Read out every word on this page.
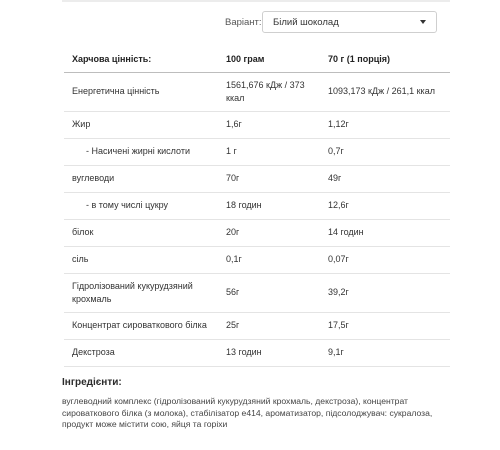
Варіант: Білий шоколад
Харчова цінність:	100 грам	70 г (1 порція)
Енергетична цінність	1561,676 кДж / 373 ккал	1093,173 кДж / 261,1 ккал
Жир	1,6г	1,12г
- Насичені жирні кислоти	1 г	0,7г
вуглеводи	70г	49г
- в тому числі цукру	18 годин	12,6г
білок	20г	14 годин
сіль	0,1г	0,07г
Гідролізований кукурудзяний крохмаль	56г	39,2г
Концентрат сироваткового білка	25г	17,5г
Декстроза	13 годин	9,1г
Інгредієнти:
вуглеводний комплекс (гідролізований кукурудзяний крохмаль, декстроза), концентрат сироваткового білка (з молока), стабілізатор е414, ароматизатор, підсолоджувач: сукралоза, продукт може містити сою, яйця та горіхи
